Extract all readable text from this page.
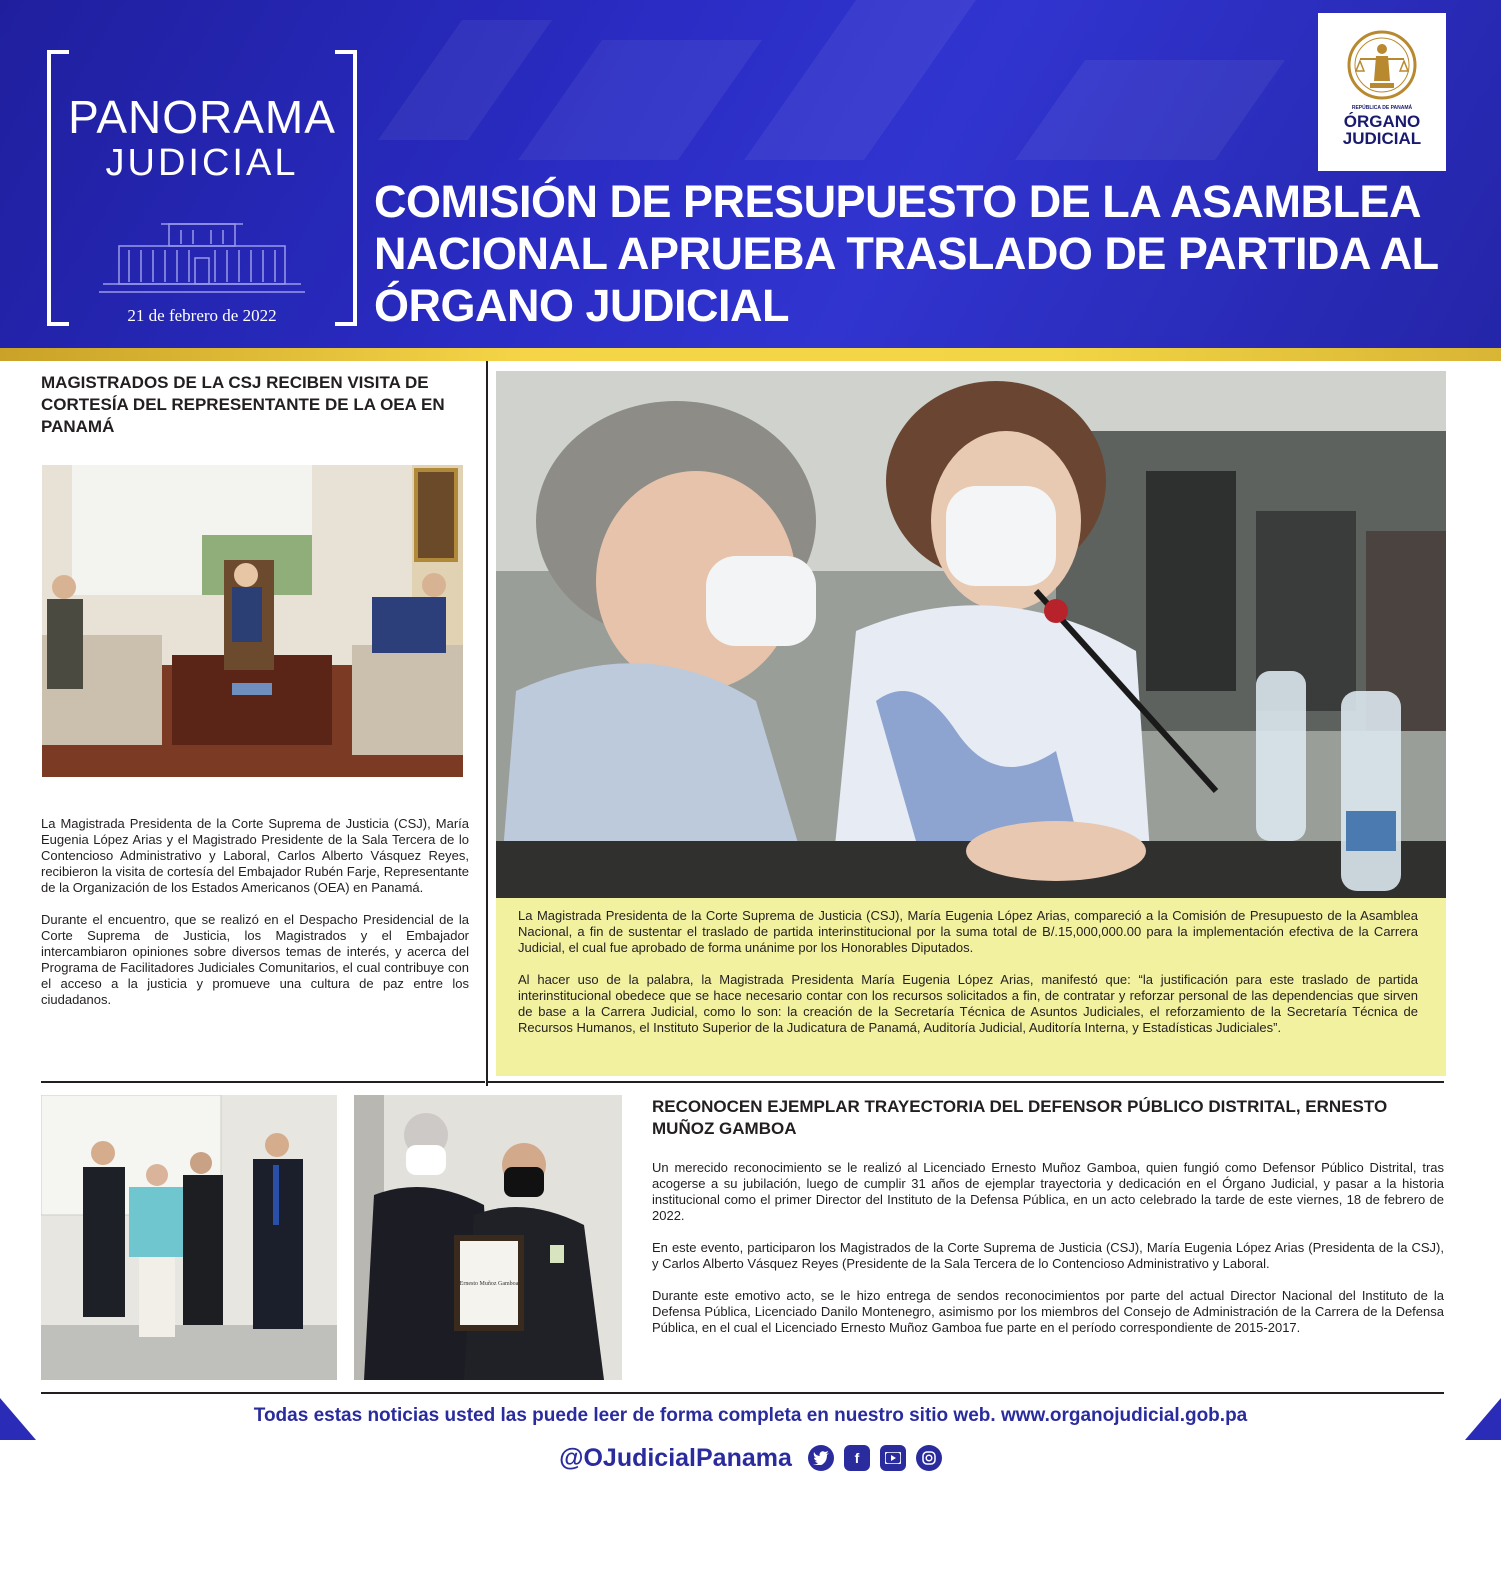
PANORAMA
JUDICIAL
21 de febrero de 2022
COMISIÓN DE PRESUPUESTO DE LA ASAMBLEA NACIONAL APRUEBA TRASLADO DE PARTIDA AL ÓRGANO JUDICIAL
REPÚBLICA DE PANAMÁ
ÓRGANO
JUDICIAL
MAGISTRADOS DE LA CSJ RECIBEN VISITA DE CORTESÍA DEL REPRESENTANTE DE LA OEA EN PANAMÁ

La Magistrada Presidenta de la Corte Suprema de Justicia (CSJ), María Eugenia López Arias y el Magistrado Presidente de la Sala Tercera de lo Contencioso Administrativo y Laboral, Carlos Alberto Vásquez Reyes, recibieron la visita de cortesía del Embajador Rubén Farje, Representante de la Organización de los Estados Americanos (OEA) en Panamá.

Durante el encuentro, que se realizó en el Despacho Presidencial de la Corte Suprema de Justicia, los Magistrados y el Embajador intercambiaron opiniones sobre diversos temas de interés, y acerca del Programa de Facilitadores Judiciales Comunitarios, el cual contribuye con el acceso a la justicia y promueve una cultura de paz entre los ciudadanos.

La Magistrada Presidenta de la Corte Suprema de Justicia (CSJ), María Eugenia López Arias, compareció a la Comisión de Presupuesto de la Asamblea Nacional, a fin de sustentar el traslado de partida interinstitucional por la suma total de B/.15,000,000.00 para la implementación efectiva de la Carrera Judicial, el cual fue aprobado de forma unánime por los Honorables Diputados.

Al hacer uso de la palabra, la Magistrada Presidenta María Eugenia López Arias, manifestó que: “la justificación para este traslado de partida interinstitucional obedece que se hace necesario contar con los recursos solicitados a fin, de contratar y reforzar personal de las dependencias que sirven de base a la Carrera Judicial, como lo son: la creación de la Secretaría Técnica de Asuntos Judiciales, el reforzamiento de la Secretaría Técnica de Recursos Humanos, el Instituto Superior de la Judicatura de Panamá, Auditoría Judicial, Auditoría Interna, y Estadísticas Judiciales”.

Ernesto Muñoz Gamboa
RECONOCEN EJEMPLAR TRAYECTORIA DEL DEFENSOR PÚBLICO DISTRITAL, ERNESTO MUÑOZ GAMBOA

Un merecido reconocimiento se le realizó al Licenciado Ernesto Muñoz Gamboa, quien fungió como Defensor Público Distrital, tras acogerse a su jubilación, luego de cumplir 31 años de ejemplar trayectoria y dedicación en el Órgano Judicial, y pasar a la historia institucional como el primer Director del Instituto de la Defensa Pública, en un acto celebrado la tarde de este viernes, 18 de febrero de 2022.

En este evento, participaron los Magistrados de la Corte Suprema de Justicia (CSJ), María Eugenia López Arias (Presidenta de la CSJ), y Carlos Alberto Vásquez Reyes (Presidente de la Sala Tercera de lo Contencioso Administrativo y Laboral.

Durante este emotivo acto, se le hizo entrega de sendos reconocimientos por parte del actual Director Nacional del Instituto de la Defensa Pública, Licenciado Danilo Montenegro, asimismo por los miembros del Consejo de Administración de la Carrera de la Defensa Pública, en el cual el Licenciado Ernesto Muñoz Gamboa fue parte en el período correspondiente de 2015-2017.

Todas estas noticias usted las puede leer de forma completa en nuestro sitio web. www.organojudicial.gob.pa
@OJudicialPanama	f
